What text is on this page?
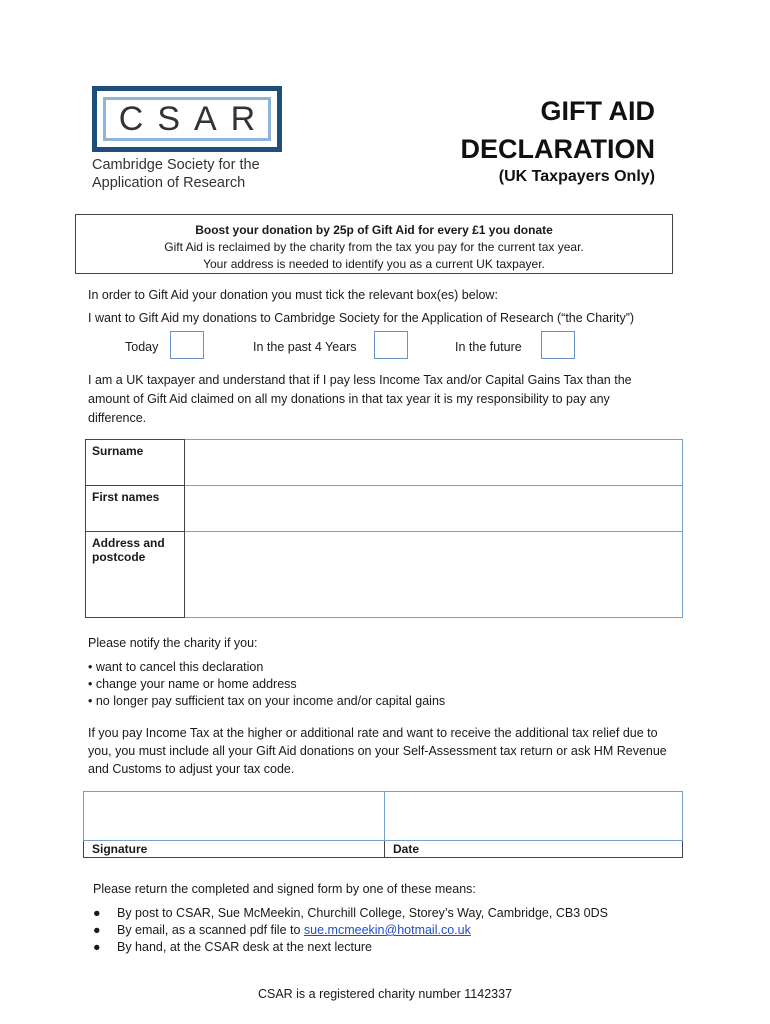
CSAR
Cambridge Society for the
Application of Research
GIFT AID
DECLARATION
(UK Taxpayers Only)
Boost your donation by 25p of Gift Aid for every £1 you donate
Gift Aid is reclaimed by the charity from the tax you pay for the current tax year.
Your address is needed to identify you as a current UK taxpayer.
In order to Gift Aid your donation you must tick the relevant box(es) below:
I want to Gift Aid my donations to Cambridge Society for the Application of Research (“the Charity”)
Today	In the past 4 Years	In the future
I am a UK taxpayer and understand that if I pay less Income Tax and/or Capital Gains Tax than the amount of Gift Aid claimed on all my donations in that tax year it is my responsibility to pay any difference.
Surname	
First names	

Address and
postcode	

Please notify the charity if you:
• want to cancel this declaration
• change your name or home address
• no longer pay sufficient tax on your income and/or capital gains
If you pay Income Tax at the higher or additional rate and want to receive the additional tax relief due to you, you must include all your Gift Aid donations on your Self-Assessment tax return or ask HM Revenue and Customs to adjust your tax code.

Signature	Date
Please return the completed and signed form by one of these means:
● By post to CSAR, Sue McMeekin, Churchill College, Storey’s Way, Cambridge, CB3 0DS
● By email, as a scanned pdf file to sue.mcmeekin@hotmail.co.uk
● By hand, at the CSAR desk at the next lecture
CSAR is a registered charity number 1142337
